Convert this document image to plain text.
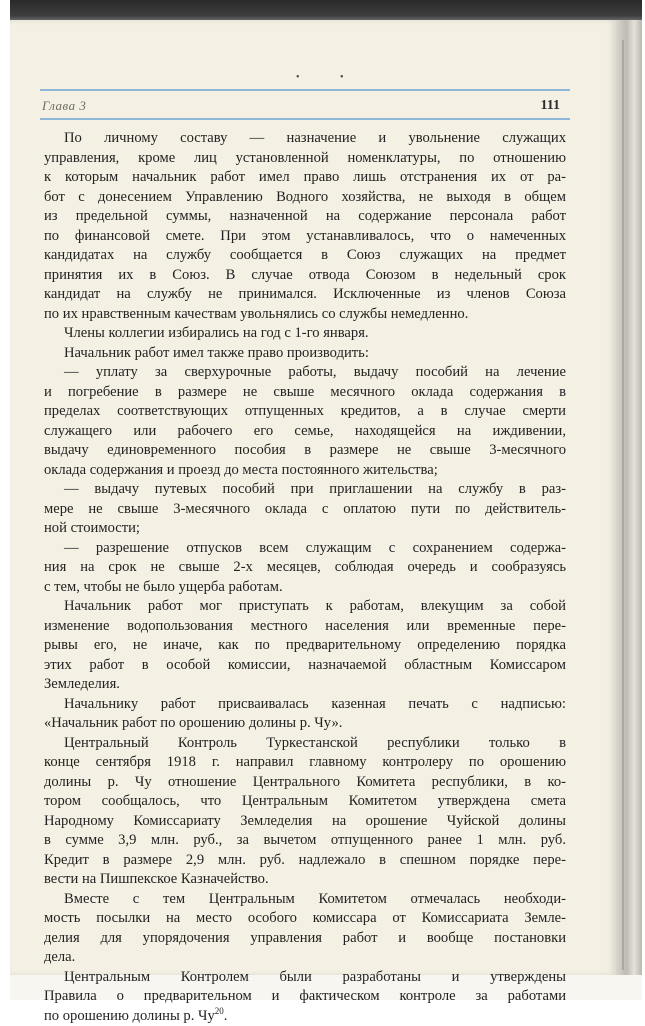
•	•
Глава 3	111
По личному составу — назначение и увольнение служащих
управления, кроме лиц установленной номенклатуры, по отношению
к которым начальник работ имел право лишь отстранения их от ра-
бот с донесением Управлению Водного хозяйства, не выходя в общем
из предельной суммы, назначенной на содержание персонала работ
по финансовой смете. При этом устанавливалось, что о намеченных
кандидатах на службу сообщается в Союз служащих на предмет
принятия их в Союз. В случае отвода Союзом в недельный срок
кандидат на службу не принимался. Исключенные из членов Союза
по их нравственным качествам увольнялись со службы немедленно.
Члены коллегии избирались на год с 1-го января.
Начальник работ имел также право производить:
— уплату за сверхурочные работы, выдачу пособий на лечение
и погребение в размере не свыше месячного оклада содержания в
пределах соответствующих отпущенных кредитов, а в случае смерти
служащего или рабочего его семье, находящейся на иждивении,
выдачу единовременного пособия в размере не свыше 3-месячного
оклада содержания и проезд до места постоянного жительства;
— выдачу путевых пособий при приглашении на службу в раз-
мере не свыше 3-месячного оклада с оплатою пути по действитель-
ной стоимости;
— разрешение отпусков всем служащим с сохранением содержа-
ния на срок не свыше 2-х месяцев, соблюдая очередь и сообразуясь
с тем, чтобы не было ущерба работам.
Начальник работ мог приступать к работам, влекущим за собой
изменение водопользования местного населения или временные пере-
рывы его, не иначе, как по предварительному определению порядка
этих работ в особой комиссии, назначаемой областным Комиссаром
Земледелия.
Начальнику работ присваивалась казенная печать с надписью:
«Начальник работ по орошению долины р. Чу».
Центральный Контроль Туркестанской республики только в
конце сентября 1918 г. направил главному контролеру по орошению
долины р. Чу отношение Центрального Комитета республики, в ко-
тором сообщалось, что Центральным Комитетом утверждена смета
Народному Комиссариату Земледелия на орошение Чуйской долины
в сумме 3,9 млн. руб., за вычетом отпущенного ранее 1 млн. руб.
Кредит в размере 2,9 млн. руб. надлежало в спешном порядке пере-
вести на Пишпекское Казначейство.
Вместе с тем Центральным Комитетом отмечалась необходи-
мость посылки на место особого комиссара от Комиссариата Земле-
делия для упорядочения управления работ и вообще постановки
дела.
Центральным Контролем были разработаны и утверждены
Правила о предварительном и фактическом контроле за работами
по орошению долины р. $Чу^{20}$.
